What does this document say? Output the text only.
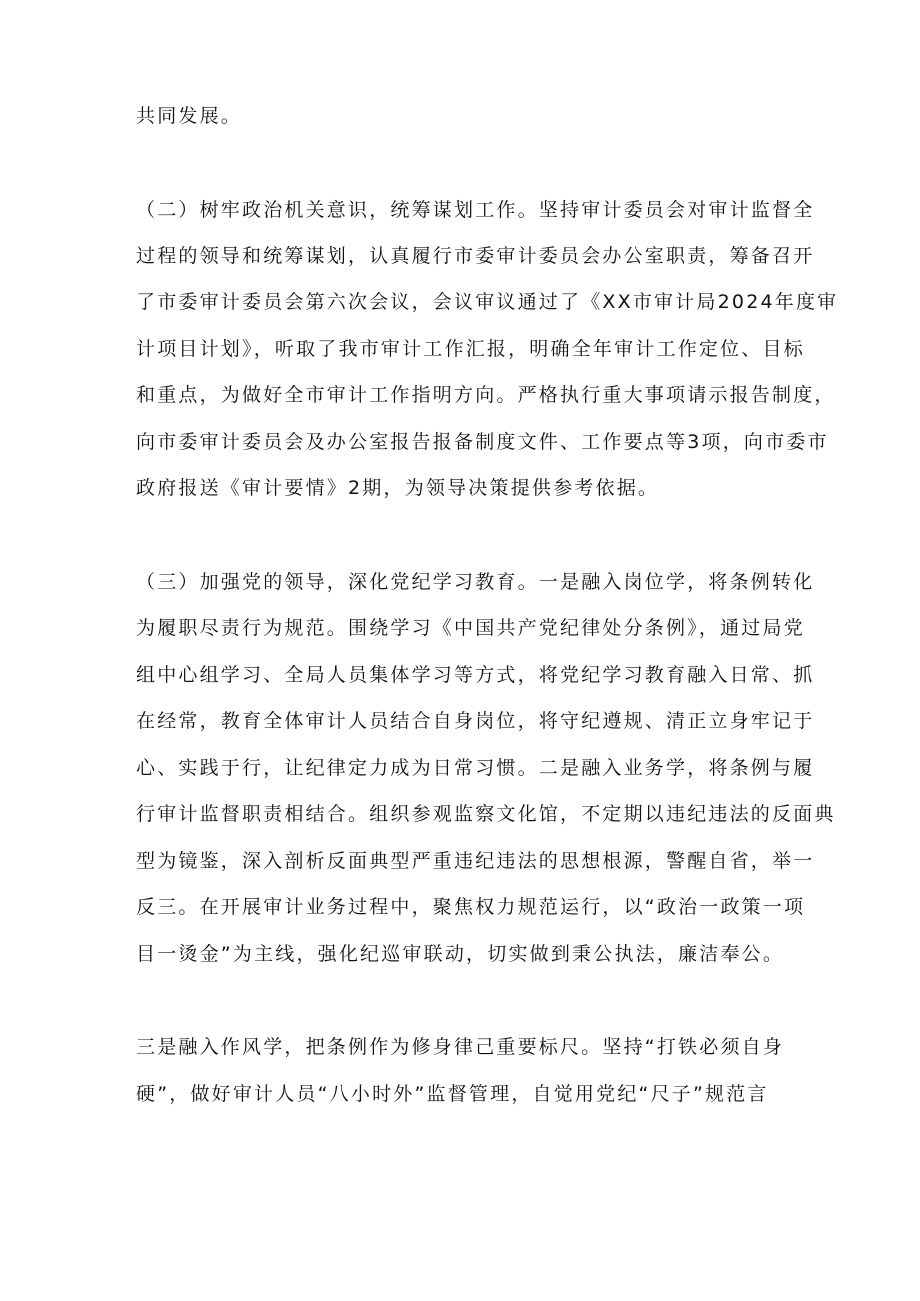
共同发展。
（二）树牢政治机关意识，统筹谋划工作。坚持审计委员会对审计监督全
过程的领导和统筹谋划，认真履行市委审计委员会办公室职责，筹备召开
了市委审计委员会第六次会议，会议审议通过了《XX市审计局2024年度审
计项目计划》，听取了我市审计工作汇报，明确全年审计工作定位、目标
和重点，为做好全市审计工作指明方向。严格执行重大事项请示报告制度，
向市委审计委员会及办公室报告报备制度文件、工作要点等3项，向市委市
政府报送《审计要情》2期，为领导决策提供参考依据。
（三）加强党的领导，深化党纪学习教育。一是融入岗位学，将条例转化
为履职尽责行为规范。围绕学习《中国共产党纪律处分条例》，通过局党
组中心组学习、全局人员集体学习等方式，将党纪学习教育融入日常、抓
在经常，教育全体审计人员结合自身岗位，将守纪遵规、清正立身牢记于
心、实践于行，让纪律定力成为日常习惯。二是融入业务学，将条例与履
行审计监督职责相结合。组织参观监察文化馆，不定期以违纪违法的反面典
型为镜鉴，深入剖析反面典型严重违纪违法的思想根源，警醒自省，举一
反三。在开展审计业务过程中，聚焦权力规范运行，以“政治一政策一项
目一烫金”为主线，强化纪巡审联动，切实做到秉公执法，廉洁奉公。
三是融入作风学，把条例作为修身律己重要标尺。坚持“打铁必须自身
硬”，做好审计人员“八小时外”监督管理，自觉用党纪“尺子”规范言
